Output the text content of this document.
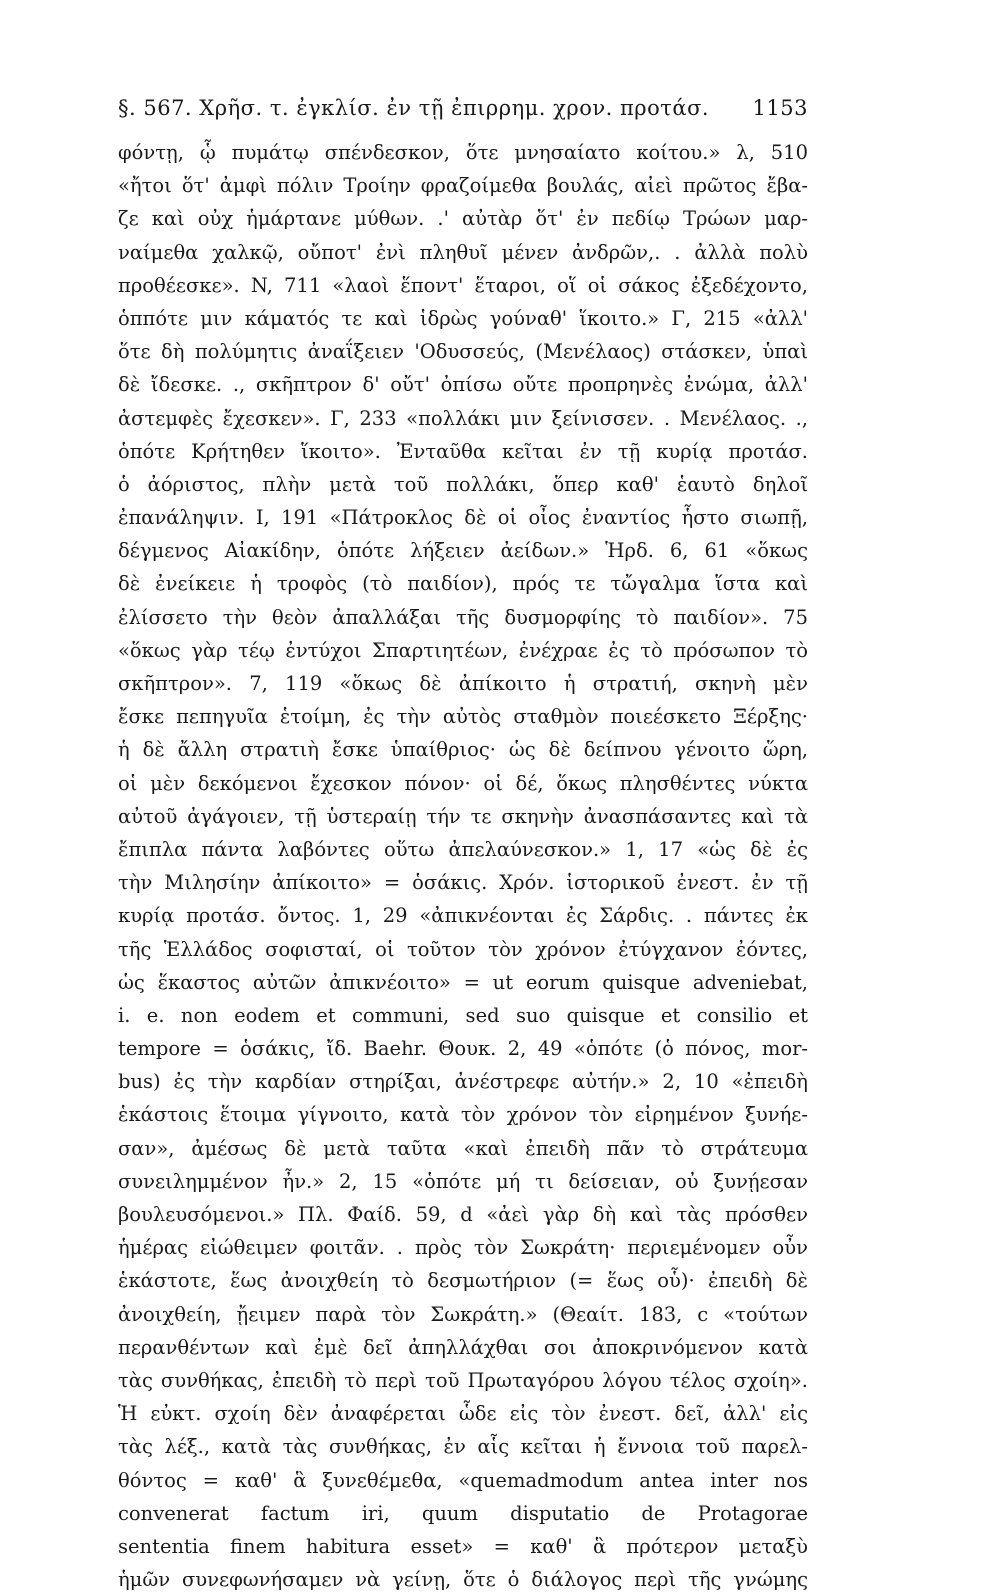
§. 567. Χρῆσ. τ. ἐγκλίσ. ἐν τῇ ἐπιρρημ. χρον. προτάσ. 1153
φόντῃ, ᾧ πυμάτῳ σπένδεσκον, ὅτε μνησαίατο κοίτου.» λ, 510
«ἤτοι ὅτ' ἀμφὶ πόλιν Τροίην φραζοίμεθα βουλάς, αἰεὶ πρῶτος ἔβα-
ζε καὶ οὐχ ἡμάρτανε μύθων. .' αὐτὰρ ὅτ' ἐν πεδίῳ Τρώων μαρ-
ναίμεθα χαλκῷ, οὔποτ' ἐνὶ πληθυῖ μένεν ἀνδρῶν,. . ἀλλὰ πολὺ
προθέεσκε». N, 711 «λαοὶ ἕποντ' ἕταροι, οἵ οἱ σάκος ἐξεδέχοντο,
ὁππότε μιν κάματός τε καὶ ἱδρὼς γούναθ' ἵκοιτο.» Γ, 215 «ἀλλ'
ὅτε δὴ πολύμητις ἀναΐξειεν 'Οδυσσεύς, (Μενέλαος) στάσκεν, ὑπαὶ
δὲ ἴδεσκε. ., σκῆπτρον δ' οὔτ' ὀπίσω οὔτε προπρηνὲς ἐνώμα, ἀλλ'
ἀστεμφὲς ἔχεσκεν». Γ, 233 «πολλάκι μιν ξείνισσεν. . Μενέλαος. .,
ὁπότε Κρήτηθεν ἵκοιτο». Ἐνταῦθα κεῖται ἐν τῇ κυρίᾳ προτάσ.
ὁ ἀόριστος, πλὴν μετὰ τοῦ πολλάκι, ὅπερ καθ' ἑαυτὸ δηλοῖ
ἐπανάληψιν. I, 191 «Πάτροκλος δὲ οἱ οἶος ἐναντίος ἧστο σιωπῇ,
δέγμενος Αἰακίδην, ὁπότε λήξειεν ἀείδων.» Ἡρδ. 6, 61 «ὅκως
δὲ ἐνείκειε ἡ τροφὸς (τὸ παιδίον), πρός τε τὤγαλμα ἵστα καὶ
ἐλίσσετο τὴν θεὸν ἀπαλλάξαι τῆς δυσμορφίης τὸ παιδίον». 75
«ὅκως γὰρ τέῳ ἐντύχοι Σπαρτιητέων, ἐνέχραε ἐς τὸ πρόσωπον τὸ
σκῆπτρον». 7, 119 «ὅκως δὲ ἀπίκοιτο ἡ στρατιή, σκηνὴ μὲν
ἔσκε πεπηγυῖα ἑτοίμη, ἐς τὴν αὐτὸς σταθμὸν ποιεέσκετο Ξέρξης·
ἡ δὲ ἄλλη στρατιὴ ἔσκε ὑπαίθριος· ὡς δὲ δείπνου γένοιτο ὥρη,
οἱ μὲν δεκόμενοι ἔχεσκον πόνον· οἱ δέ, ὅκως πλησθέντες νύκτα
αὐτοῦ ἀγάγοιεν, τῇ ὑστεραίῃ τήν τε σκηνὴν ἀνασπάσαντες καὶ τὰ
ἔπιπλα πάντα λαβόντες οὕτω ἀπελαύνεσκον.» 1, 17 «ὡς δὲ ἐς
τὴν Μιλησίην ἀπίκοιτο» = ὁσάκις. Χρόν. ἱστορικοῦ ἐνεστ. ἐν τῇ
κυρίᾳ προτάσ. ὄντος. 1, 29 «ἀπικνέονται ἐς Σάρδις. . πάντες ἐκ
τῆς Ἑλλάδος σοφισταί, οἱ τοῦτον τὸν χρόνον ἐτύγχανον ἐόντες,
ὡς ἕκαστος αὐτῶν ἀπικνέοιτο» = ut eorum quisque adveniebat,
i. e. non eodem et communi, sed suo quisque et consilio et
tempore = ὁσάκις, ἴδ. Baehr. Θουκ. 2, 49 «ὁπότε (ὁ πόνος, mor-
bus) ἐς τὴν καρδίαν στηρίξαι, ἀνέστρεφε αὐτήν.» 2, 10 «ἐπειδὴ
ἑκάστοις ἕτοιμα γίγνοιτο, κατὰ τὸν χρόνον τὸν εἰρημένον ξυνήε-
σαν», ἀμέσως δὲ μετὰ ταῦτα «καὶ ἐπειδὴ πᾶν τὸ στράτευμα
συνειλημμένον ἦν.» 2, 15 «ὁπότε μή τι δείσειαν, οὐ ξυνῄεσαν
βουλευσόμενοι.» Πλ. Φαίδ. 59, d «ἀεὶ γὰρ δὴ καὶ τὰς πρόσθεν
ἡμέρας εἰώθειμεν φοιτᾶν. . πρὸς τὸν Σωκράτη· περιεμένομεν οὖν
ἑκάστοτε, ἕως ἀνοιχθείη τὸ δεσμωτήριον (= ἕως οὗ)· ἐπειδὴ δὲ
ἀνοιχθείη, ᾔειμεν παρὰ τὸν Σωκράτη.» (Θεαίτ. 183, c «τούτων
περανθέντων καὶ ἐμὲ δεῖ ἀπηλλάχθαι σοι ἀποκρινόμενον κατὰ
τὰς συνθήκας, ἐπειδὴ τὸ περὶ τοῦ Πρωταγόρου λόγου τέλος σχοίη».
Ἡ εὐκτ. σχοίη δὲν ἀναφέρεται ὧδε εἰς τὸν ἐνεστ. δεῖ, ἀλλ' εἰς
τὰς λέξ., κατὰ τὰς συνθήκας, ἐν αἷς κεῖται ἡ ἔννοια τοῦ παρελ-
θόντος = καθ' ἃ ξυνεθέμεθα, «quemadmodum antea inter nos
convenerat factum iri, quum disputatio de Protagorae
sententia finem habitura esset» = καθ' ἃ πρότερον μεταξὺ
ἡμῶν συνεφωνήσαμεν νὰ γείνῃ, ὅτε ὁ διάλογος περὶ τῆς γνώμης
